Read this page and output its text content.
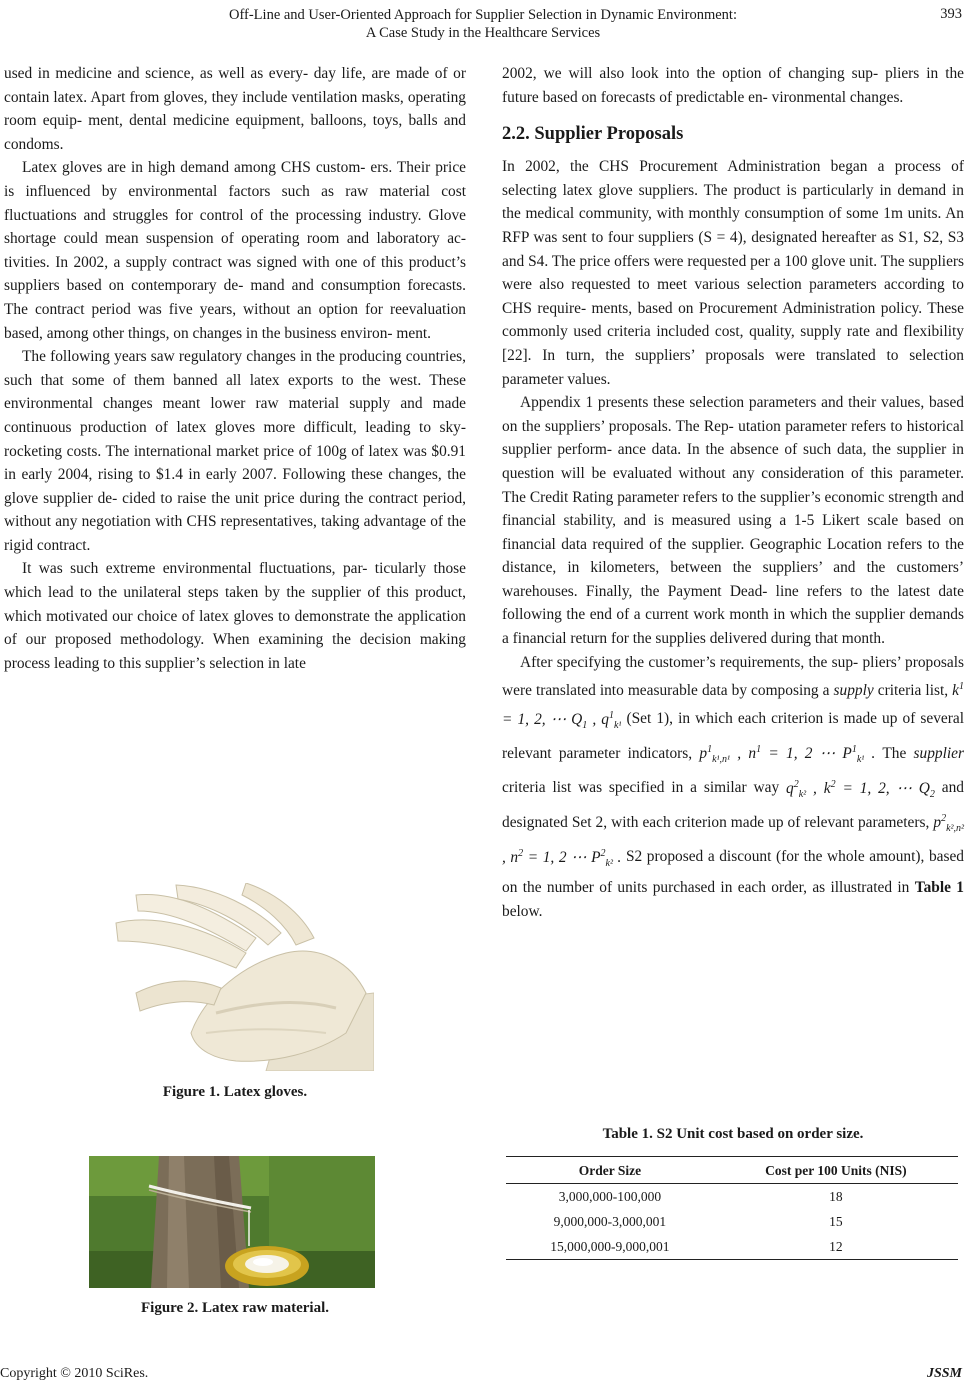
Off-Line and User-Oriented Approach for Supplier Selection in Dynamic Environment:
A Case Study in the Healthcare Services
393

used in medicine and science, as well as every- day life, are made of or contain latex. Apart from gloves, they include ventilation masks, operating room equip- ment, dental medicine equipment, balloons, toys, balls and condoms.

Latex gloves are in high demand among CHS custom- ers. Their price is influenced by environmental factors such as raw material cost fluctuations and struggles for control of the processing industry. Glove shortage could mean suspension of operating room and laboratory ac- tivities. In 2002, a supply contract was signed with one of this product’s suppliers based on contemporary de- mand and consumption forecasts. The contract period was five years, without an option for reevaluation based, among other things, on changes in the business environ- ment.

The following years saw regulatory changes in the producing countries, such that some of them banned all latex exports to the west. These environmental changes meant lower raw material supply and made continuous production of latex gloves more difficult, leading to sky- rocketing costs. The international market price of 100g of latex was $0.91 in early 2004, rising to $1.4 in early 2007. Following these changes, the glove supplier de- cided to raise the unit price during the contract period, without any negotiation with CHS representatives, taking advantage of the rigid contract.

It was such extreme environmental fluctuations, par- ticularly those which lead to the unilateral steps taken by the supplier of this product, which motivated our choice of latex gloves to demonstrate the application of our proposed methodology. When examining the decision making process leading to this supplier’s selection in late

Figure 1. Latex gloves.
Figure 2. Latex raw material.

2002, we will also look into the option of changing sup- pliers in the future based on forecasts of predictable en- vironmental changes.

2.2. Supplier Proposals

In 2002, the CHS Procurement Administration began a process of selecting latex glove suppliers. The product is particularly in demand in the medical community, with monthly consumption of some 1m units. An RFP was sent to four suppliers (S = 4), designated hereafter as S1, S2, S3 and S4. The price offers were requested per a 100 glove unit. The suppliers were also requested to meet various selection parameters according to CHS require- ments, based on Procurement Administration policy. These commonly used criteria included cost, quality, supply rate and flexibility [22]. In turn, the suppliers’ proposals were translated to selection parameter values.

Appendix 1 presents these selection parameters and their values, based on the suppliers’ proposals. The Rep- utation parameter refers to historical supplier perform- ance data. In the absence of such data, the supplier in question will be evaluated without any consideration of this parameter. The Credit Rating parameter refers to the supplier’s economic strength and financial stability, and is measured using a 1-5 Likert scale based on financial data required of the supplier. Geographic Location refers to the distance, in kilometers, between the suppliers’ and the customers’ warehouses. Finally, the Payment Dead- line refers to the latest date following the end of a current work month in which the supplier demands a financial return for the supplies delivered during that month.

After specifying the customer’s requirements, the sup- pliers’ proposals were translated into measurable data by composing a supply criteria list, $k^1 = 1$, 2, ⋯ $Q_1$ , $q^1_{k^1}$ (Set 1), in which each criterion is made up of several relevant parameter indicators, $p^1_{k^1,n^1}$ , $n^1 = 1$, 2 ⋯ $P^1_{k^1}$ . The supplier criteria list was specified in a similar way $q^2_{k^2}$ , $k^2 = 1$, 2, ⋯ $Q_2$ and designated Set 2, with each criterion made up of relevant parameters, $p^2_{k^2,n^2}$ , $n^2 = 1$, 2 ⋯ $P^2_{k^2}$ . S2 proposed a discount (for the whole amount), based on the number of units purchased in each order, as illustrated in Table 1 below.

Table 1. S2 Unit cost based on order size.
Order Size	Cost per 100 Units (NIS)
3,000,000-100,000	18
9,000,000-3,000,001	15
15,000,000-9,000,001	12
Copyright © 2010 SciRes.	JSSM
